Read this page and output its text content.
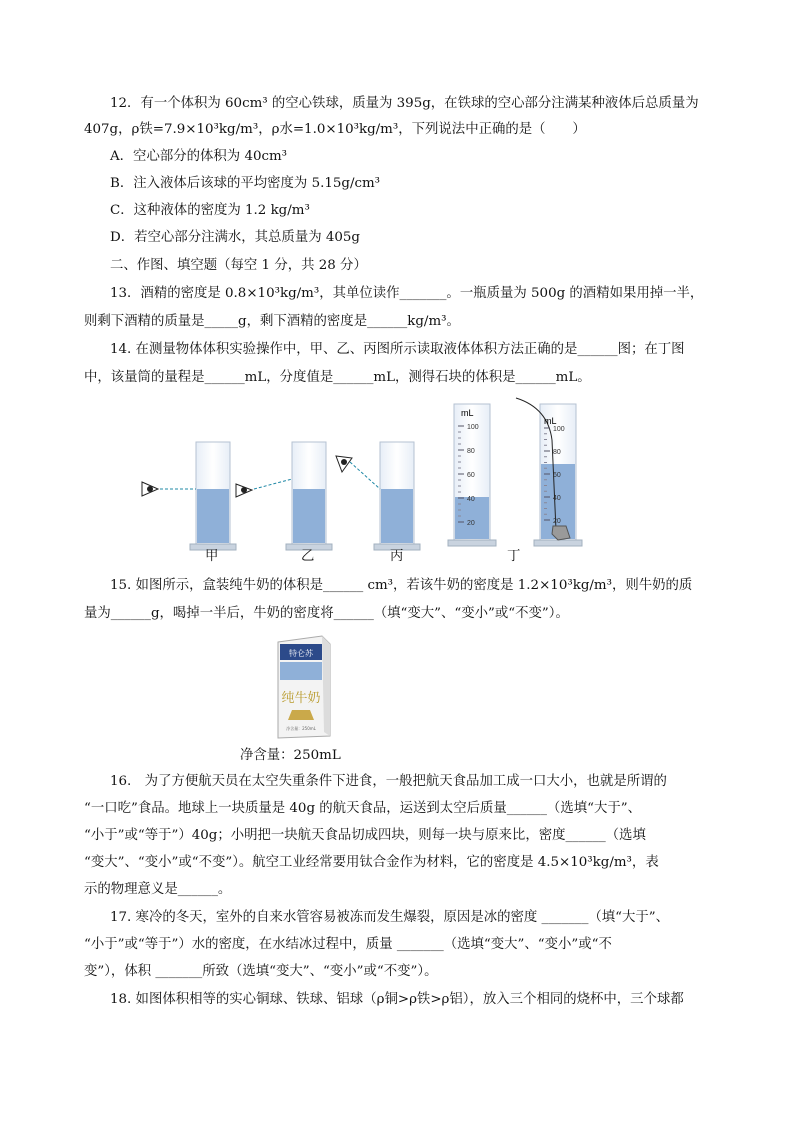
12．有一个体积为 60cm³ 的空心铁球，质量为 395g，在铁球的空心部分注满某种液体后总质量为
407g，ρ铁=7.9×10³kg/m³，ρ水=1.0×10³kg/m³，下列说法中正确的是（　　）
A．空心部分的体积为 40cm³
B．注入液体后该球的平均密度为 5.15g/cm³
C．这种液体的密度为 1.2 kg/m³
D．若空心部分注满水，其总质量为 405g
二、作图、填空题（每空 1 分，共 28 分）
13．酒精的密度是 0.8×10³kg/m³，其单位读作_______。一瓶质量为 500g 的酒精如果用掉一半，
则剩下酒精的质量是_____g，剩下酒精的密度是______kg/m³。
14. 在测量物体体积实验操作中，甲、乙、丙图所示读取液体体积方法正确的是______图；在丁图
中，该量筒的量程是______mL，分度值是______mL，测得石块的体积是______mL。
100
80
60
40
20
100
80
60
40
20
mL
mL
甲	乙	丙	丁
15. 如图所示，盒装纯牛奶的体积是______ cm³，若该牛奶的密度是 1.2×10³kg/m³，则牛奶的质
量为______g，喝掉一半后，牛奶的密度将______（填“变大”、“变小”或“不变”）。
特仑苏
纯牛奶
净含量：250mL
净含量：250mL
16.　为了方便航天员在太空失重条件下进食，一般把航天食品加工成一口大小，也就是所谓的
“一口吃”食品。地球上一块质量是 40g 的航天食品，运送到太空后质量______（选填“大于”、
“小于”或“等于”）40g；小明把一块航天食品切成四块，则每一块与原来比，密度______（选填
“变大”、“变小”或“不变”）。航空工业经常要用钛合金作为材料，它的密度是 4.5×10³kg/m³，表
示的物理意义是______。
17. 寒冷的冬天，室外的自来水管容易被冻而发生爆裂，原因是冰的密度 _______（填“大于”、
“小于”或“等于”）水的密度，在水结冰过程中，质量 _______（选填“变大”、“变小”或“不
变”），体积 _______所致（选填“变大”、“变小”或“不变”）。
18. 如图体积相等的实心铜球、铁球、铝球（ρ铜>ρ铁>ρ铝），放入三个相同的烧杯中，三个球都
